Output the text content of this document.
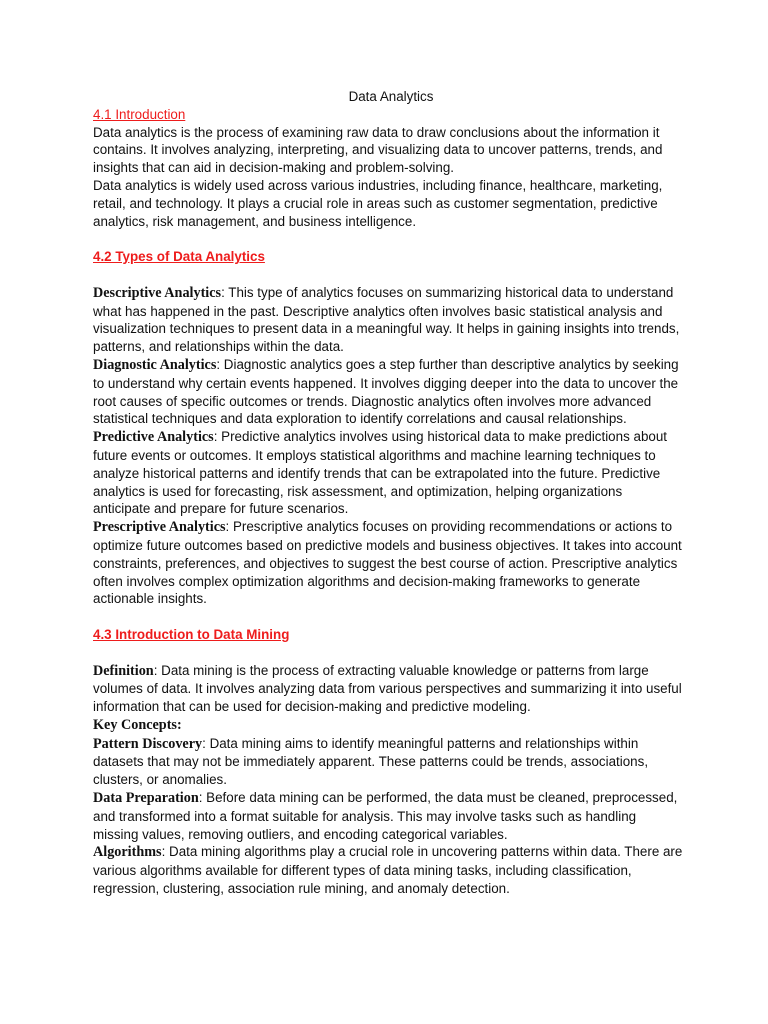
Data Analytics

4.1 Introduction

Data analytics is the process of examining raw data to draw conclusions about the information it contains. It involves analyzing, interpreting, and visualizing data to uncover patterns, trends, and insights that can aid in decision-making and problem-solving.

Data analytics is widely used across various industries, including finance, healthcare, marketing, retail, and technology. It plays a crucial role in areas such as customer segmentation, predictive analytics, risk management, and business intelligence.

4.2 Types of Data Analytics

Descriptive Analytics: This type of analytics focuses on summarizing historical data to understand what has happened in the past. Descriptive analytics often involves basic statistical analysis and visualization techniques to present data in a meaningful way. It helps in gaining insights into trends, patterns, and relationships within the data.

Diagnostic Analytics: Diagnostic analytics goes a step further than descriptive analytics by seeking to understand why certain events happened. It involves digging deeper into the data to uncover the root causes of specific outcomes or trends. Diagnostic analytics often involves more advanced statistical techniques and data exploration to identify correlations and causal relationships.

Predictive Analytics: Predictive analytics involves using historical data to make predictions about future events or outcomes. It employs statistical algorithms and machine learning techniques to analyze historical patterns and identify trends that can be extrapolated into the future. Predictive analytics is used for forecasting, risk assessment, and optimization, helping organizations anticipate and prepare for future scenarios.

Prescriptive Analytics: Prescriptive analytics focuses on providing recommendations or actions to optimize future outcomes based on predictive models and business objectives. It takes into account constraints, preferences, and objectives to suggest the best course of action. Prescriptive analytics often involves complex optimization algorithms and decision-making frameworks to generate actionable insights.

4.3 Introduction to Data Mining

Definition: Data mining is the process of extracting valuable knowledge or patterns from large volumes of data. It involves analyzing data from various perspectives and summarizing it into useful information that can be used for decision-making and predictive modeling.

Key Concepts:

Pattern Discovery: Data mining aims to identify meaningful patterns and relationships within datasets that may not be immediately apparent. These patterns could be trends, associations, clusters, or anomalies.

Data Preparation: Before data mining can be performed, the data must be cleaned, preprocessed, and transformed into a format suitable for analysis. This may involve tasks such as handling missing values, removing outliers, and encoding categorical variables.

Algorithms: Data mining algorithms play a crucial role in uncovering patterns within data. There are various algorithms available for different types of data mining tasks, including classification, regression, clustering, association rule mining, and anomaly detection.
